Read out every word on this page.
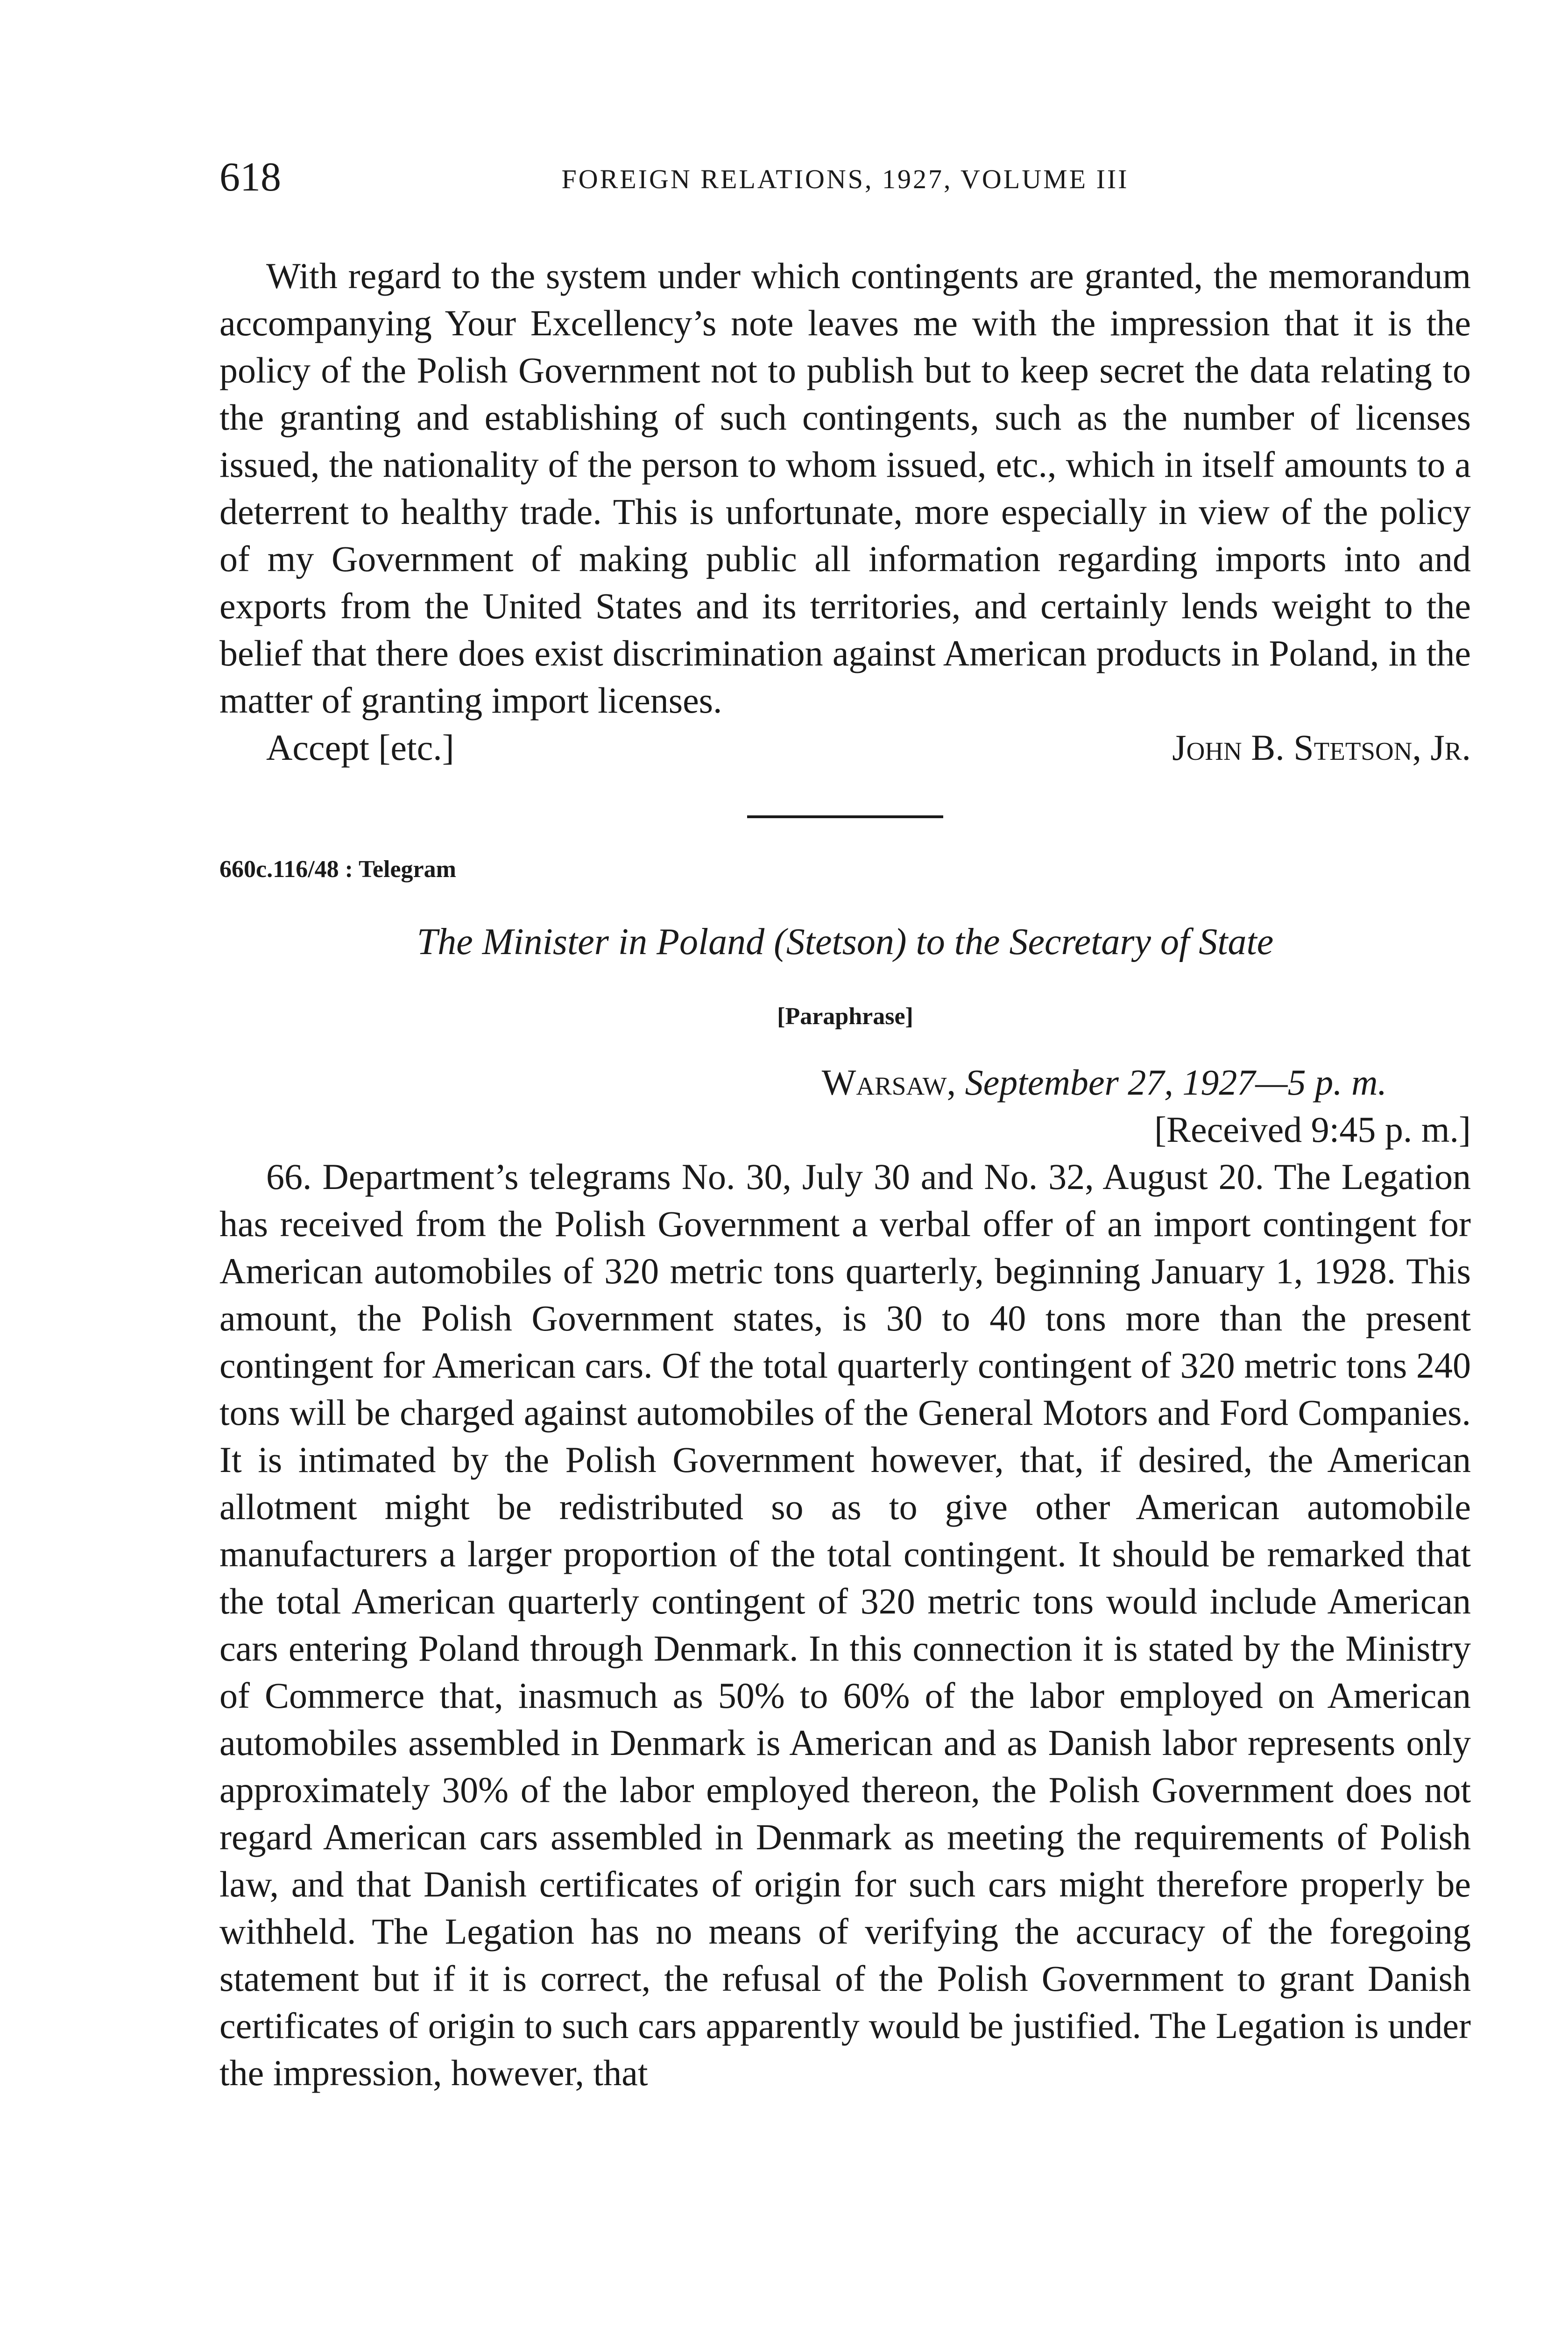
618	FOREIGN RELATIONS, 1927, VOLUME III

With regard to the system under which contingents are granted, the memorandum accompanying Your Excellency’s note leaves me with the impression that it is the policy of the Polish Government not to publish but to keep secret the data relating to the granting and establishing of such contingents, such as the number of licenses issued, the nationality of the person to whom issued, etc., which in itself amounts to a deterrent to healthy trade. This is unfortunate, more especially in view of the policy of my Government of making public all information regarding imports into and exports from the United States and its territories, and certainly lends weight to the belief that there does exist discrimination against American products in Poland, in the matter of granting import licenses.

Accept [etc.]	John B. Stetson, Jr.
660c.116/48 : Telegram
The Minister in Poland (Stetson) to the Secretary of State
[Paraphrase]
Warsaw, September 27, 1927—5 p. m.
[Received 9:45 p. m.]

66. Department’s telegrams No. 30, July 30 and No. 32, August 20. The Legation has received from the Polish Government a verbal offer of an import contingent for American automobiles of 320 metric tons quarterly, beginning January 1, 1928. This amount, the Polish Government states, is 30 to 40 tons more than the present contingent for American cars. Of the total quarterly contingent of 320 metric tons 240 tons will be charged against automobiles of the General Motors and Ford Companies. It is intimated by the Polish Government however, that, if desired, the American allotment might be redistributed so as to give other American automobile manufacturers a larger proportion of the total contingent. It should be remarked that the total American quarterly contingent of 320 metric tons would include American cars entering Poland through Denmark. In this connection it is stated by the Ministry of Commerce that, inasmuch as 50% to 60% of the labor employed on American automobiles assembled in Denmark is American and as Danish labor represents only approximately 30% of the labor employed thereon, the Polish Government does not regard American cars assembled in Denmark as meeting the requirements of Polish law, and that Danish certificates of origin for such cars might therefore properly be withheld. The Legation has no means of verifying the accuracy of the foregoing statement but if it is correct, the refusal of the Polish Government to grant Danish certificates of origin to such cars apparently would be justified. The Legation is under the impression, however, that
